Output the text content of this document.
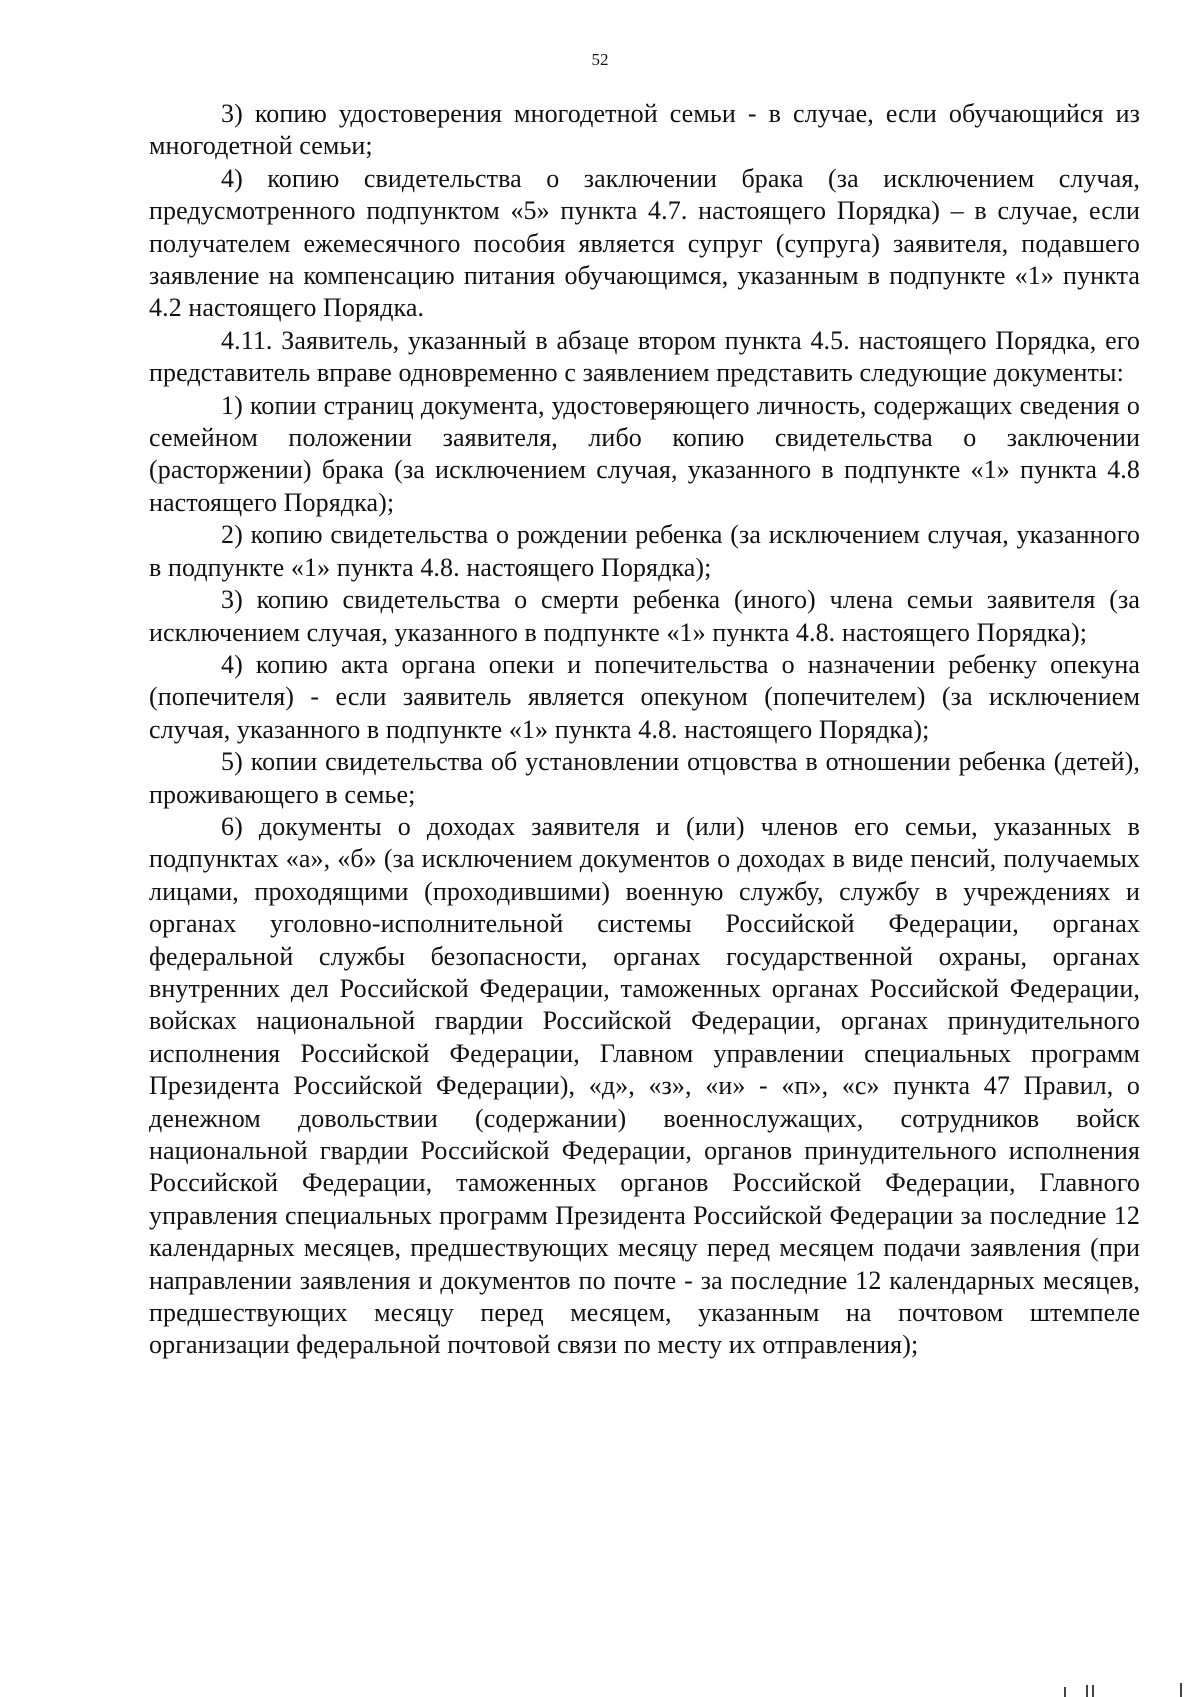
52

3) копию удостоверения многодетной семьи - в случае, если обучающийся из многодетной семьи;

4) копию свидетельства о заключении брака (за исключением случая, предусмотренного подпунктом «5» пункта 4.7. настоящего Порядка) – в случае, если получателем ежемесячного пособия является супруг (супруга) заявителя, подавшего заявление на компенсацию питания обучающимся, указанным в подпункте «1» пункта 4.2 настоящего Порядка.

4.11. Заявитель, указанный в абзаце втором пункта 4.5. настоящего Порядка, его представитель вправе одновременно с заявлением представить следующие документы:

1) копии страниц документа, удостоверяющего личность, содержащих сведения о семейном положении заявителя, либо копию свидетельства о заключении (расторжении) брака (за исключением случая, указанного в подпункте «1» пункта 4.8 настоящего Порядка);

2) копию свидетельства о рождении ребенка (за исключением случая, указанного в подпункте «1» пункта 4.8. настоящего Порядка);

3) копию свидетельства о смерти ребенка (иного) члена семьи заявителя (за исключением случая, указанного в подпункте «1» пункта 4.8. настоящего Порядка);

4) копию акта органа опеки и попечительства о назначении ребенку опекуна (попечителя) - если заявитель является опекуном (попечителем) (за исключением случая, указанного в подпункте «1» пункта 4.8. настоящего Порядка);

5) копии свидетельства об установлении отцовства в отношении ребенка (детей), проживающего в семье;

6) документы о доходах заявителя и (или) членов его семьи, указанных в подпунктах «а», «б» (за исключением документов о доходах в виде пенсий, получаемых лицами, проходящими (проходившими) военную службу, службу в учреждениях и органах уголовно-исполнительной системы Российской Федерации, органах федеральной службы безопасности, органах государственной охраны, органах внутренних дел Российской Федерации, таможенных органах Российской Федерации, войсках национальной гвардии Российской Федерации, органах принудительного исполнения Российской Федерации, Главном управлении специальных программ Президента Российской Федерации), «д», «з», «и» - «п», «с» пункта 47 Правил, о денежном довольствии (содержании) военнослужащих, сотрудников войск национальной гвардии Российской Федерации, органов принудительного исполнения Российской Федерации, таможенных органов Российской Федерации, Главного управления специальных программ Президента Российской Федерации за последние 12 календарных месяцев, предшествующих месяцу перед месяцем подачи заявления (при направлении заявления и документов по почте - за последние 12 календарных месяцев, предшествующих месяцу перед месяцем, указанным на почтовом штемпеле организации федеральной почтовой связи по месту их отправления);
